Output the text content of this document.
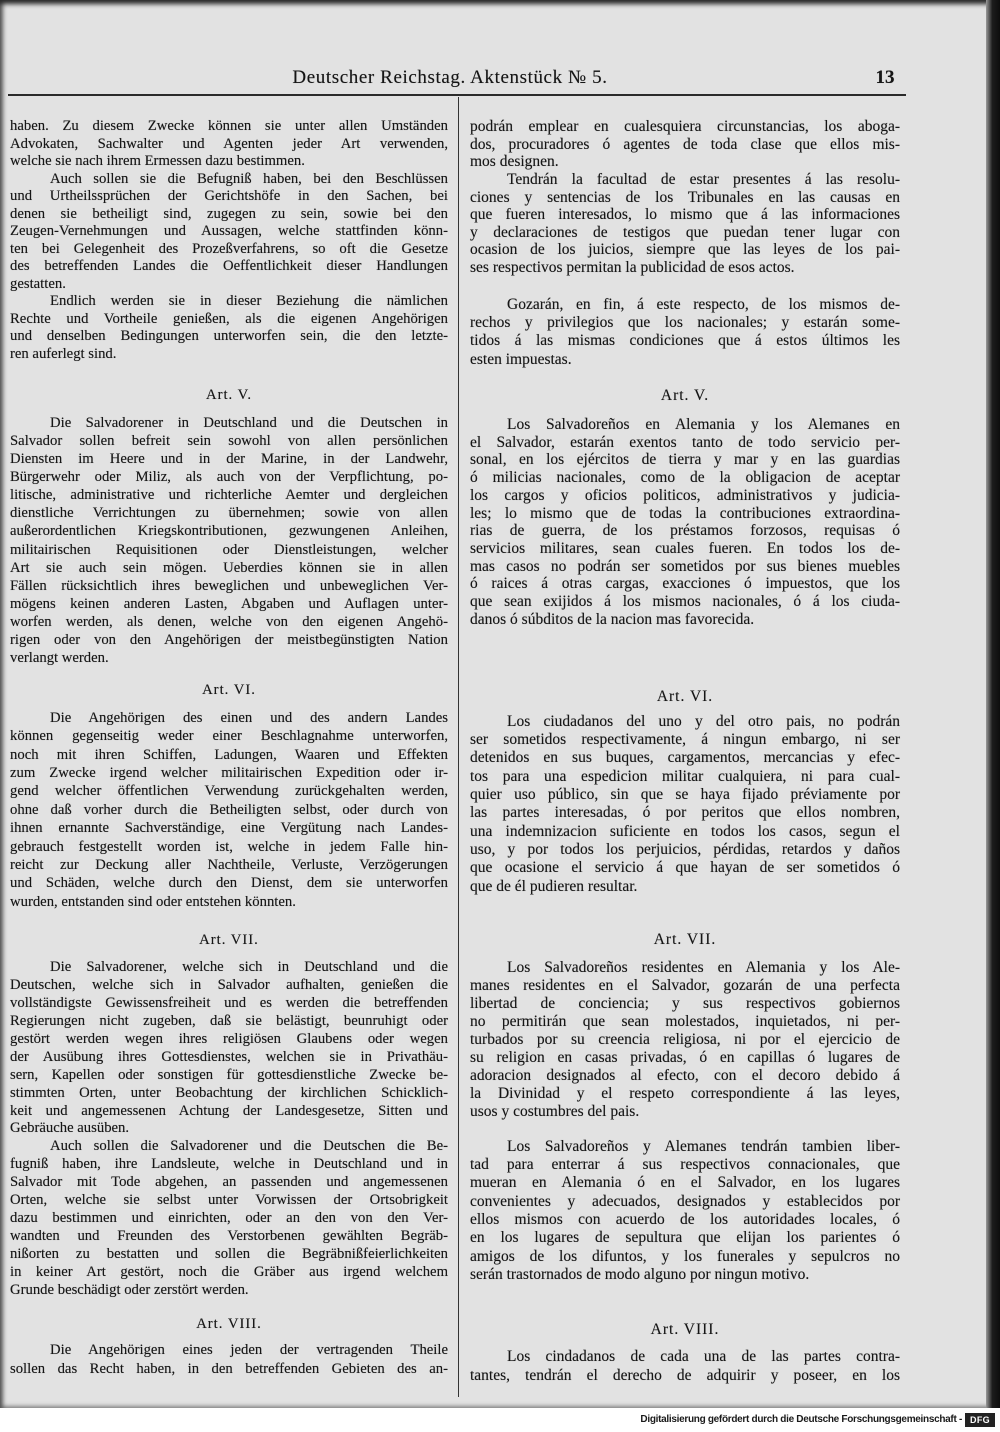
Deutscher Reichstag. Aktenstück № 5.	13
haben. Zu diesem Zwecke können sie unter allen Umständen
Advokaten, Sachwalter und Agenten jeder Art verwenden,
welche sie nach ihrem Ermessen dazu bestimmen.
Auch sollen sie die Befugniß haben, bei den Beschlüssen
und Urtheilssprüchen der Gerichtshöfe in den Sachen, bei
denen sie betheiligt sind, zugegen zu sein, sowie bei den
Zeugen-Vernehmungen und Aussagen, welche stattfinden könn-
ten bei Gelegenheit des Prozeßverfahrens, so oft die Gesetze
des betreffenden Landes die Oeffentlichkeit dieser Handlungen
gestatten.
Endlich werden sie in dieser Beziehung die nämlichen
Rechte und Vortheile genießen, als die eigenen Angehörigen
und denselben Bedingungen unterworfen sein, die den letzte-
ren auferlegt sind.
Art. V.
Die Salvadorener in Deutschland und die Deutschen in
Salvador sollen befreit sein sowohl von allen persönlichen
Diensten im Heere und in der Marine, in der Landwehr,
Bürgerwehr oder Miliz, als auch von der Verpflichtung, po-
litische, administrative und richterliche Aemter und dergleichen
dienstliche Verrichtungen zu übernehmen; sowie von allen
außerordentlichen Kriegskontributionen, gezwungenen Anleihen,
militairischen Requisitionen oder Dienstleistungen, welcher
Art sie auch sein mögen. Ueberdies können sie in allen
Fällen rücksichtlich ihres beweglichen und unbeweglichen Ver-
mögens keinen anderen Lasten, Abgaben und Auflagen unter-
worfen werden, als denen, welche von den eigenen Angehö-
rigen oder von den Angehörigen der meistbegünstigten Nation
verlangt werden.
Art. VI.
Die Angehörigen des einen und des andern Landes
können gegenseitig weder einer Beschlagnahme unterworfen,
noch mit ihren Schiffen, Ladungen, Waaren und Effekten
zum Zwecke irgend welcher militairischen Expedition oder ir-
gend welcher öffentlichen Verwendung zurückgehalten werden,
ohne daß vorher durch die Betheiligten selbst, oder durch von
ihnen ernannte Sachverständige, eine Vergütung nach Landes-
gebrauch festgestellt worden ist, welche in jedem Falle hin-
reicht zur Deckung aller Nachtheile, Verluste, Verzögerungen
und Schäden, welche durch den Dienst, dem sie unterworfen
wurden, entstanden sind oder entstehen könnten.
Art. VII.
Die Salvadorener, welche sich in Deutschland und die
Deutschen, welche sich in Salvador aufhalten, genießen die
vollständigste Gewissensfreiheit und es werden die betreffenden
Regierungen nicht zugeben, daß sie belästigt, beunruhigt oder
gestört werden wegen ihres religiösen Glaubens oder wegen
der Ausübung ihres Gottesdienstes, welchen sie in Privathäu-
sern, Kapellen oder sonstigen für gottesdienstliche Zwecke be-
stimmten Orten, unter Beobachtung der kirchlichen Schicklich-
keit und angemessenen Achtung der Landesgesetze, Sitten und
Gebräuche ausüben.
Auch sollen die Salvadorener und die Deutschen die Be-
fugniß haben, ihre Landsleute, welche in Deutschland und in
Salvador mit Tode abgehen, an passenden und angemessenen
Orten, welche sie selbst unter Vorwissen der Ortsobrigkeit
dazu bestimmen und einrichten, oder an den von den Ver-
wandten und Freunden des Verstorbenen gewählten Begräb-
nißorten zu bestatten und sollen die Begräbnißfeierlichkeiten
in keiner Art gestört, noch die Gräber aus irgend welchem
Grunde beschädigt oder zerstört werden.
Art. VIII.
Die Angehörigen eines jeden der vertragenden Theile
sollen das Recht haben, in den betreffenden Gebieten des an-
podrán emplear en cualesquiera circunstancias, los aboga-
dos, procuradores ó agentes de toda clase que ellos mis-
mos designen.
Tendrán la facultad de estar presentes á las resolu-
ciones y sentencias de los Tribunales en las causas en
que fueren interesados, lo mismo que á las informaciones
y declaraciones de testigos que puedan tener lugar con
ocasion de los juicios, siempre que las leyes de los pai-
ses respectivos permitan la publicidad de esos actos.
Gozarán, en fin, á este respecto, de los mismos de-
rechos y privilegios que los nacionales; y estarán some-
tidos á las mismas condiciones que á estos últimos les
esten impuestas.
Art. V.
Los Salvadoreños en Alemania y los Alemanes en
el Salvador, estarán exentos tanto de todo servicio per-
sonal, en los ejércitos de tierra y mar y en las guardias
ó milicias nacionales, como de la obligacion de aceptar
los cargos y oficios politicos, administrativos y judicia-
les; lo mismo que de todas la contribuciones extraordina-
rias de guerra, de los préstamos forzosos, requisas ó
servicios militares, sean cuales fueren. En todos los de-
mas casos no podrán ser sometidos por sus bienes muebles
ó raices á otras cargas, exacciones ó impuestos, que los
que sean exijidos á los mismos nacionales, ó á los ciuda-
danos ó súbditos de la nacion mas favorecida.
Art. VI.
Los ciudadanos del uno y del otro pais, no podrán
ser sometidos respectivamente, á ningun embargo, ni ser
detenidos en sus buques, cargamentos, mercancias y efec-
tos para una espedicion militar cualquiera, ni para cual-
quier uso público, sin que se haya fijado préviamente por
las partes interesadas, ó por peritos que ellos nombren,
una indemnizacion suficiente en todos los casos, segun el
uso, y por todos los perjuicios, pérdidas, retardos y daños
que ocasione el servicio á que hayan de ser sometidos ó
que de él pudieren resultar.
Art. VII.
Los Salvadoreños residentes en Alemania y los Ale-
manes residentes en el Salvador, gozarán de una perfecta
libertad de conciencia; y sus respectivos gobiernos
no permitirán que sean molestados, inquietados, ni per-
turbados por su creencia religiosa, ni por el ejercicio de
su religion en casas privadas, ó en capillas ó lugares de
adoracion designados al efecto, con el decoro debido á
la Divinidad y el respeto correspondiente á las leyes,
usos y costumbres del pais.
Los Salvadoreños y Alemanes tendrán tambien liber-
tad para enterrar á sus respectivos connacionales, que
mueran en Alemania ó en el Salvador, en los lugares
convenientes y adecuados, designados y establecidos por
ellos mismos con acuerdo de los autoridades locales, ó
en los lugares de sepultura que elijan los parientes ó
amigos de los difuntos, y los funerales y sepulcros no
serán trastornados de modo alguno por ningun motivo.
Art. VIII.
Los cindadanos de cada una de las partes contra-
tantes, tendrán el derecho de adquirir y poseer, en los
Digitalisierung gefördert durch die Deutsche Forschungsgemeinschaft - DFG
